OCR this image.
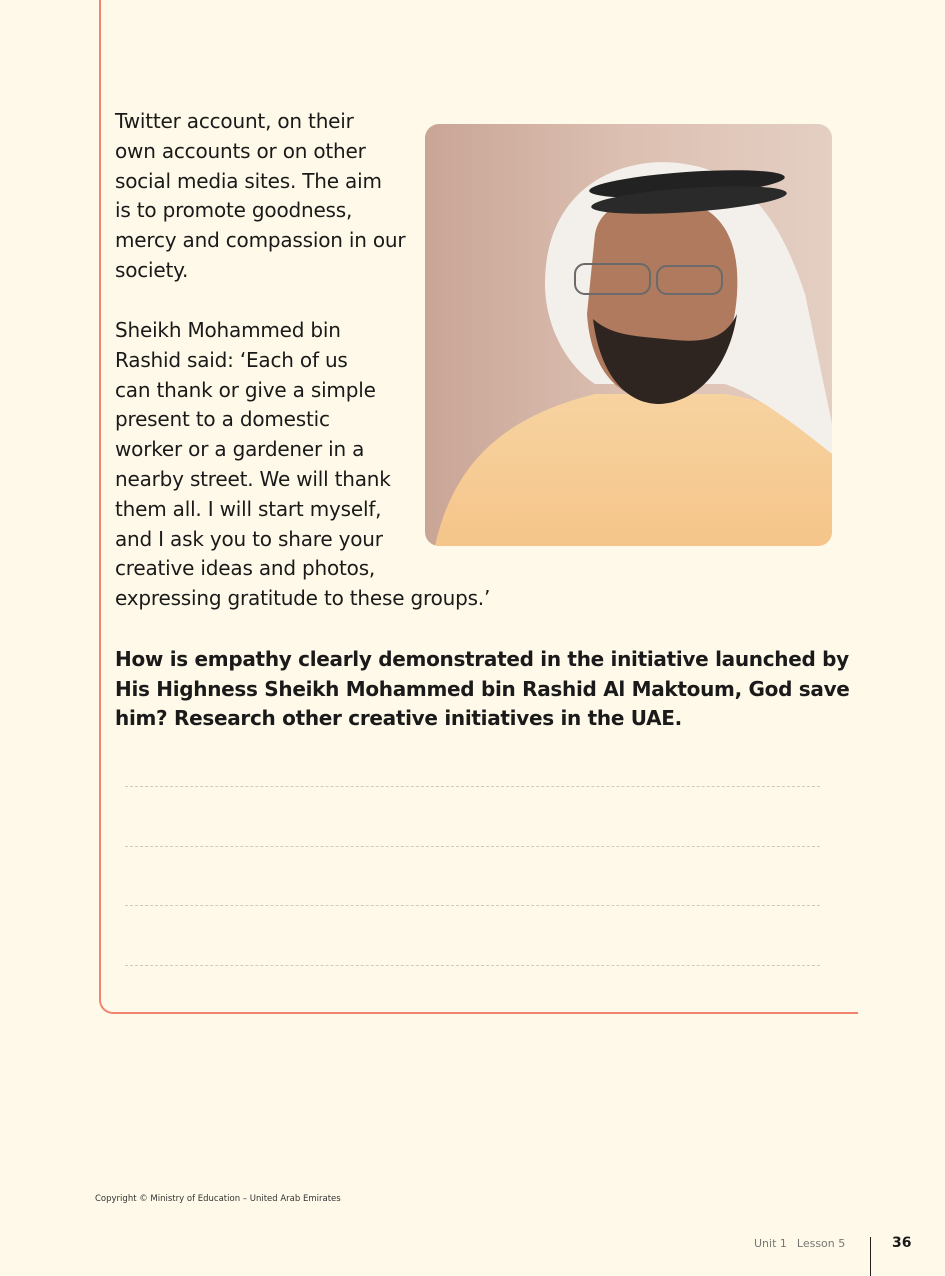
Twitter account, on their
own accounts or on other
social media sites. The aim
is to promote goodness,
mercy and compassion in our
society.
Sheikh Mohammed bin
Rashid said: ‘Each of us
can thank or give a simple
present to a domestic
worker or a gardener in a
nearby street. We will thank
them all. I will start myself,
and I ask you to share your
creative ideas and photos,
expressing gratitude to these groups.’
How is empathy clearly demonstrated in the initiative launched by
His Highness Sheikh Mohammed bin Rashid Al Maktoum, God save
him? Research other creative initiatives in the UAE.
Copyright © Ministry of Education – United Arab Emirates
Unit 1 Lesson 5	36
